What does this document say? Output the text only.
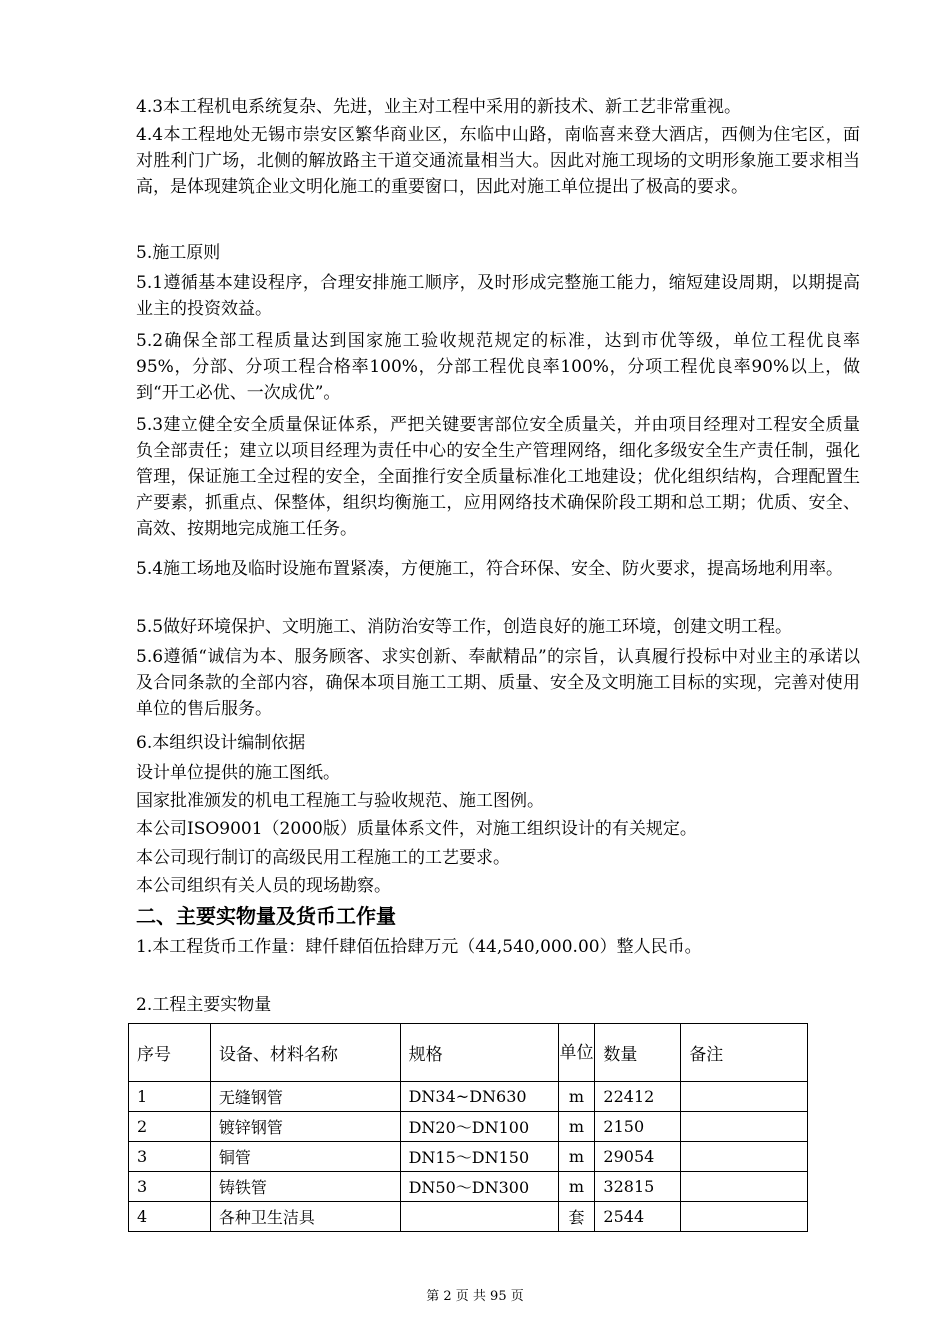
4.3本工程机电系统复杂、先进，业主对工程中采用的新技术、新工艺非常重视。
4.4本工程地处无锡市崇安区繁华商业区，东临中山路，南临喜来登大酒店，西侧为住宅区，面对胜利门广场，北侧的解放路主干道交通流量相当大。因此对施工现场的文明形象施工要求相当高，是体现建筑企业文明化施工的重要窗口，因此对施工单位提出了极高的要求。
5.施工原则
5.1遵循基本建设程序，合理安排施工顺序，及时形成完整施工能力，缩短建设周期，以期提高业主的投资效益。
5.2确保全部工程质量达到国家施工验收规范规定的标准，达到市优等级，单位工程优良率95%，分部、分项工程合格率100%，分部工程优良率100%，分项工程优良率90%以上，做到“开工必优、一次成优”。
5.3建立健全安全质量保证体系，严把关键要害部位安全质量关，并由项目经理对工程安全质量负全部责任；建立以项目经理为责任中心的安全生产管理网络，细化多级安全生产责任制，强化管理，保证施工全过程的安全，全面推行安全质量标准化工地建设；优化组织结构，合理配置生产要素，抓重点、保整体，组织均衡施工，应用网络技术确保阶段工期和总工期；优质、安全、高效、按期地完成施工任务。
5.4施工场地及临时设施布置紧凑，方便施工，符合环保、安全、防火要求，提高场地利用率。
5.5做好环境保护、文明施工、消防治安等工作，创造良好的施工环境，创建文明工程。
5.6遵循“诚信为本、服务顾客、求实创新、奉献精品”的宗旨，认真履行投标中对业主的承诺以及合同条款的全部内容，确保本项目施工工期、质量、安全及文明施工目标的实现，完善对使用单位的售后服务。
6.本组织设计编制依据
设计单位提供的施工图纸。
国家批准颁发的机电工程施工与验收规范、施工图例。
本公司ISO9001（2000版）质量体系文件，对施工组织设计的有关规定。
本公司现行制订的高级民用工程施工的工艺要求。
本公司组织有关人员的现场勘察。
二、主要实物量及货币工作量
1.本工程货币工作量：肆仟肆佰伍拾肆万元（44,540,000.00）整人民币。
2.工程主要实物量
序号	设备、材料名称	规格	单位	数量	备注
1	无缝钢管	DN34~DN630	m	22412	
2	镀锌钢管	DN20～DN100	m	2150	
3	铜管	DN15～DN150	m	29054	
3	铸铁管	DN50～DN300	m	32815	
4	各种卫生洁具		套	2544	
第 2 页 共 95 页
